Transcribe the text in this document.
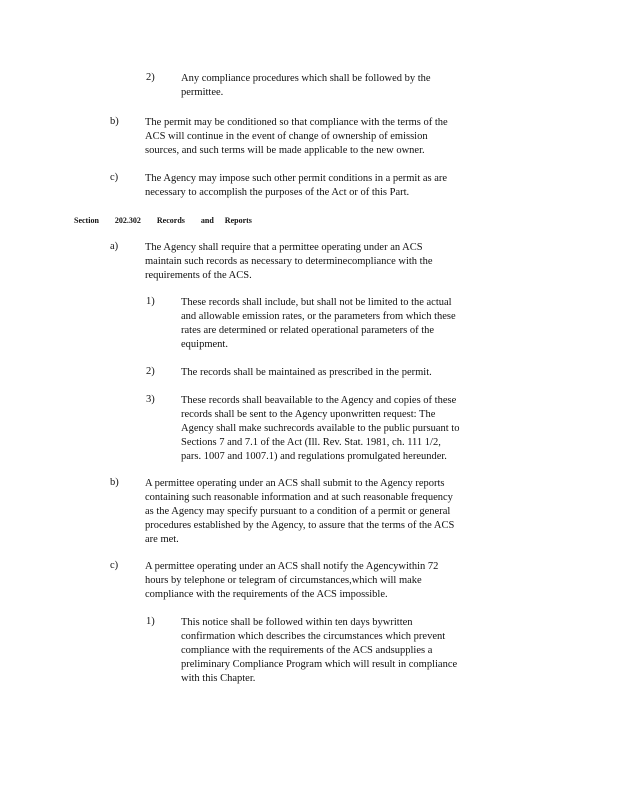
2)	Any compliance procedures which shall be followed by the
permittee.
b)	The permit may be conditioned so that compliance with the terms of the
ACS will continue in the event of change of ownership of emission
sources, and such terms will be made applicable to the new owner.
c)	The Agency may impose such other permit conditions in a permit as are
necessary to accomplish the purposes of the Act or of this Part.
Section 202.302 Records and Reports
a)	The Agency shall require that a permittee operating under an ACS
maintain such records as necessary to determinecompliance with the
requirements of the ACS.
1)	These records shall include, but shall not be limited to the actual
and allowable emission rates, or the parameters from which these
rates are determined or related operational parameters of the
equipment.
2)	The records shall be maintained as prescribed in the permit.
3)	These records shall beavailable to the Agency and copies of these
records shall be sent to the Agency uponwritten request: The
Agency shall make suchrecords available to the public pursuant to
Sections 7 and 7.1 of the Act (Ill. Rev. Stat. 1981, ch. 111 1/2,
pars. 1007 and 1007.1) and regulations promulgated hereunder.
b)	A permittee operating under an ACS shall submit to the Agency reports
containing such reasonable information and at such reasonable frequency
as the Agency may specify pursuant to a condition of a permit or general
procedures established by the Agency, to assure that the terms of the ACS
are met.
c)	A permittee operating under an ACS shall notify the Agencywithin 72
hours by telephone or telegram of circumstances,which will make
compliance with the requirements of the ACS impossible.
1)	This notice shall be followed within ten days bywritten
confirmation which describes the circumstances which prevent
compliance with the requirements of the ACS andsupplies a
preliminary Compliance Program which will result in compliance
with this Chapter.
